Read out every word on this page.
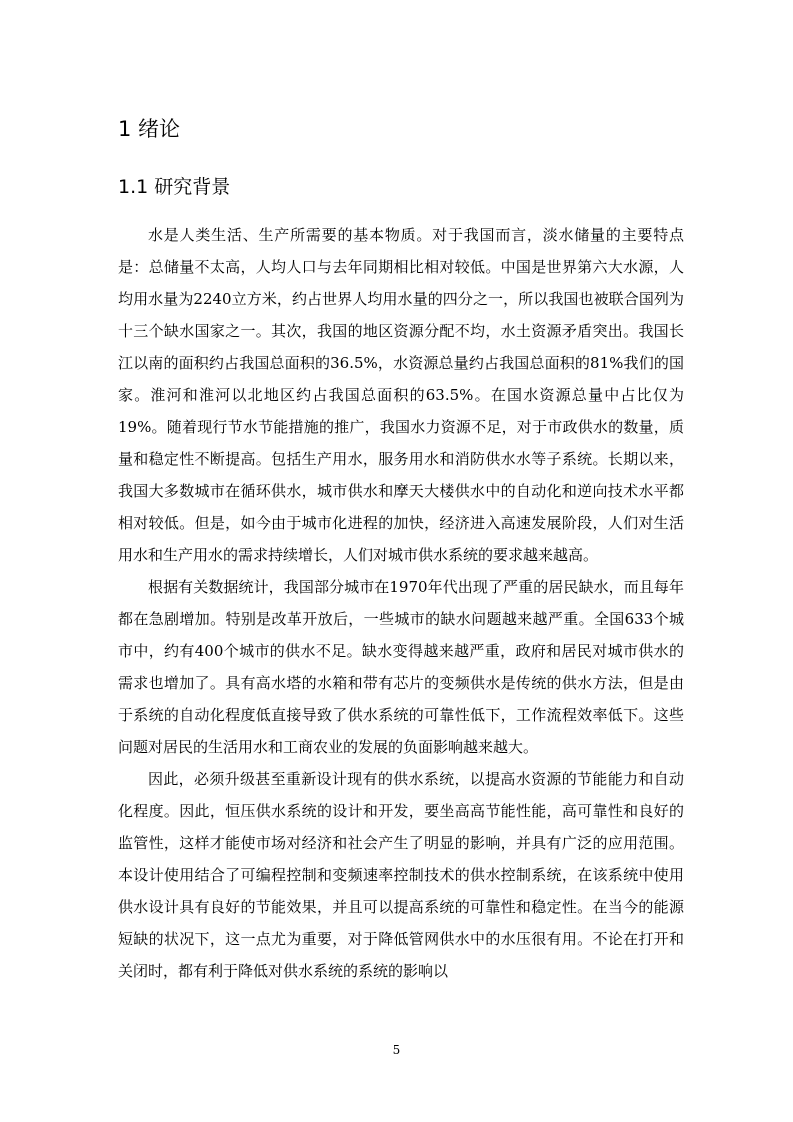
1 绪论
1.1 研究背景

水是人类生活、生产所需要的基本物质。对于我国而言，淡水储量的主要特点是：总储量不太高，人均人口与去年同期相比相对较低。中国是世界第六大水源，人均用水量为2240立方米，约占世界人均用水量的四分之一，所以我国也被联合国列为十三个缺水国家之一。其次，我国的地区资源分配不均，水土资源矛盾突出。我国长江以南的面积约占我国总面积的36.5%，水资源总量约占我国总面积的81%我们的国家。淮河和淮河以北地区约占我国总面积的63.5%。在国水资源总量中占比仅为19%。随着现行节水节能措施的推广，我国水力资源不足，对于市政供水的数量，质量和稳定性不断提高。包括生产用水，服务用水和消防供水水等子系统。长期以来，我国大多数城市在循环供水，城市供水和摩天大楼供水中的自动化和逆向技术水平都相对较低。但是，如今由于城市化进程的加快，经济进入高速发展阶段，人们对生活用水和生产用水的需求持续增长，人们对城市供水系统的要求越来越高。

根据有关数据统计，我国部分城市在1970年代出现了严重的居民缺水，而且每年都在急剧增加。特别是改革开放后，一些城市的缺水问题越来越严重。全国633个城市中，约有400个城市的供水不足。缺水变得越来越严重，政府和居民对城市供水的需求也增加了。具有高水塔的水箱和带有芯片的变频供水是传统的供水方法，但是由于系统的自动化程度低直接导致了供水系统的可靠性低下，工作流程效率低下。这些问题对居民的生活用水和工商农业的发展的负面影响越来越大。

因此，必须升级甚至重新设计现有的供水系统，以提高水资源的节能能力和自动化程度。因此，恒压供水系统的设计和开发，要坐高高节能性能，高可靠性和良好的监管性，这样才能使市场对经济和社会产生了明显的影响，并具有广泛的应用范围。本设计使用结合了可编程控制和变频速率控制技术的供水控制系统，在该系统中使用供水设计具有良好的节能效果，并且可以提高系统的可靠性和稳定性。在当今的能源短缺的状况下，这一点尤为重要，对于降低管网供水中的水压很有用。不论在打开和关闭时，都有利于降低对供水系统的系统的影响以

5
